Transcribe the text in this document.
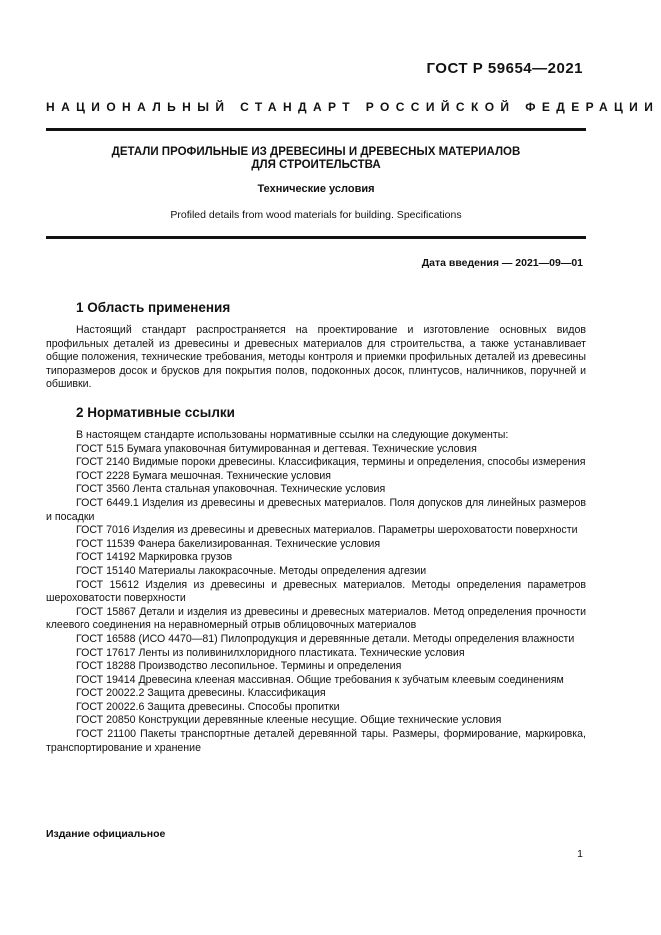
ГОСТ Р 59654—2021
НАЦИОНАЛЬНЫЙ СТАНДАРТ РОССИЙСКОЙ ФЕДЕРАЦИИ
ДЕТАЛИ ПРОФИЛЬНЫЕ ИЗ ДРЕВЕСИНЫ И ДРЕВЕСНЫХ МАТЕРИАЛОВ
ДЛЯ СТРОИТЕЛЬСТВА
Технические условия
Profiled details from wood materials for building. Specifications
Дата введения — 2021—09—01
1 Область применения
Настоящий стандарт распространяется на проектирование и изготовление основных видов профильных деталей из древесины и древесных материалов для строительства, а также устанавливает общие положения, технические требования, методы контроля и приемки профильных деталей из древесины типоразмеров досок и брусков для покрытия полов, подоконных досок, плинтусов, наличников, поручней и обшивки.
2 Нормативные ссылки

В настоящем стандарте использованы нормативные ссылки на следующие документы:

ГОСТ 515 Бумага упаковочная битумированная и дегтевая. Технические условия

ГОСТ 2140 Видимые пороки древесины. Классификация, термины и определения, способы измерения

ГОСТ 2228 Бумага мешочная. Технические условия

ГОСТ 3560 Лента стальная упаковочная. Технические условия

ГОСТ 6449.1 Изделия из древесины и древесных материалов. Поля допусков для линейных размеров и посадки

ГОСТ 7016 Изделия из древесины и древесных материалов. Параметры шероховатости поверхности

ГОСТ 11539 Фанера бакелизированная. Технические условия

ГОСТ 14192 Маркировка грузов

ГОСТ 15140 Материалы лакокрасочные. Методы определения адгезии

ГОСТ 15612 Изделия из древесины и древесных материалов. Методы определения параметров шероховатости поверхности

ГОСТ 15867 Детали и изделия из древесины и древесных материалов. Метод определения прочности клеевого соединения на неравномерный отрыв облицовочных материалов

ГОСТ 16588 (ИСО 4470—81) Пилопродукция и деревянные детали. Методы определения влажности

ГОСТ 17617 Ленты из поливинилхлоридного пластиката. Технические условия

ГОСТ 18288 Производство лесопильное. Термины и определения

ГОСТ 19414 Древесина клееная массивная. Общие требования к зубчатым клеевым соединениям

ГОСТ 20022.2 Защита древесины. Классификация

ГОСТ 20022.6 Защита древесины. Способы пропитки

ГОСТ 20850 Конструкции деревянные клееные несущие. Общие технические условия

ГОСТ 21100 Пакеты транспортные деталей деревянной тары. Размеры, формирование, маркировка, транспортирование и хранение

Издание официальное
1
